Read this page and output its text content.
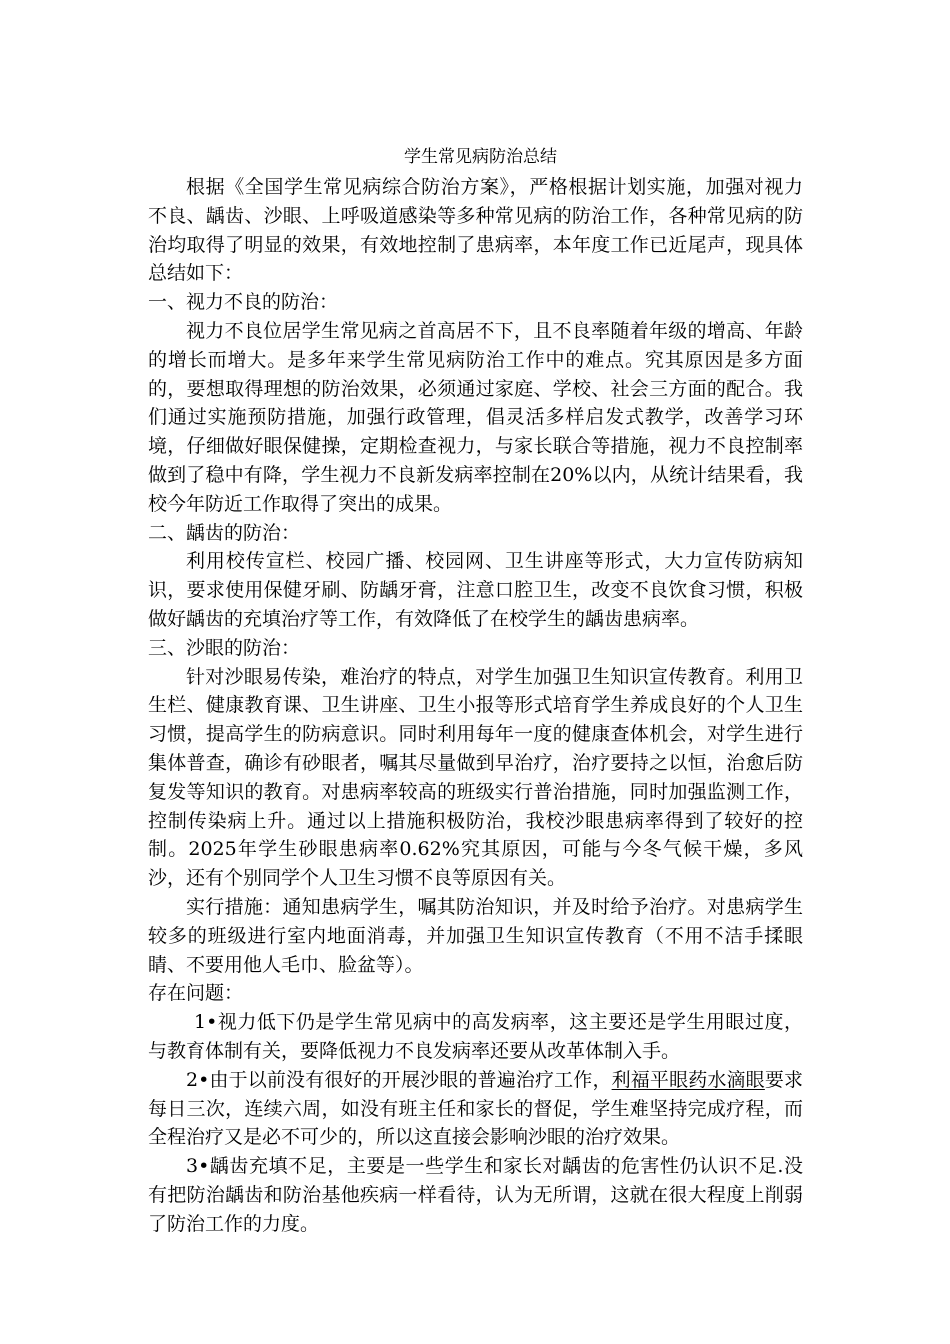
学生常见病防治总结

根据《全国学生常见病综合防治方案》，严格根据计划实施，加强对视力不良、龋齿、沙眼、上呼吸道感染等多种常见病的防治工作，各种常见病的防治均取得了明显的效果，有效地控制了患病率，本年度工作已近尾声，现具体总结如下：

一、视力不良的防治：

视力不良位居学生常见病之首高居不下，且不良率随着年级的增高、年龄的增长而增大。是多年来学生常见病防治工作中的难点。究其原因是多方面的，要想取得理想的防治效果，必须通过家庭、学校、社会三方面的配合。我们通过实施预防措施，加强行政管理，倡灵活多样启发式教学，改善学习环境，仔细做好眼保健操，定期检查视力，与家长联合等措施，视力不良控制率做到了稳中有降，学生视力不良新发病率控制在20%以内，从统计结果看，我校今年防近工作取得了突出的成果。

二、龋齿的防治：

利用校传宣栏、校园广播、校园网、卫生讲座等形式，大力宣传防病知识，要求使用保健牙刷、防龋牙膏，注意口腔卫生，改变不良饮食习惯，积极做好龋齿的充填治疗等工作，有效降低了在校学生的龋齿患病率。

三、沙眼的防治：

针对沙眼易传染，难治疗的特点，对学生加强卫生知识宣传教育。利用卫生栏、健康教育课、卫生讲座、卫生小报等形式培育学生养成良好的个人卫生习惯，提高学生的防病意识。同时利用每年一度的健康查体机会，对学生进行集体普查，确诊有砂眼者，嘱其尽量做到早治疗，治疗要持之以恒，治愈后防复发等知识的教育。对患病率较高的班级实行普治措施，同时加强监测工作，控制传染病上升。通过以上措施积极防治，我校沙眼患病率得到了较好的控制。2025年学生砂眼患病率0.62%究其原因，可能与今冬气候干燥，多风沙，还有个别同学个人卫生习惯不良等原因有关。

实行措施：通知患病学生，嘱其防治知识，并及时给予治疗。对患病学生较多的班级进行室内地面消毒，并加强卫生知识宣传教育（不用不洁手揉眼睛、不要用他人毛巾、脸盆等）。

存在问题：

1•视力低下仍是学生常见病中的高发病率，这主要还是学生用眼过度，与教育体制有关，要降低视力不良发病率还要从改革体制入手。

2•由于以前没有很好的开展沙眼的普遍治疗工作，利福平眼药水滴眼要求每日三次，连续六周，如没有班主任和家长的督促，学生难坚持完成疗程，而全程治疗又是必不可少的，所以这直接会影响沙眼的治疗效果。

3•龋齿充填不足，主要是一些学生和家长对龋齿的危害性仍认识不足.没有把防治龋齿和防治基他疾病一样看待，认为无所谓，这就在很大程度上削弱了防治工作的力度。
